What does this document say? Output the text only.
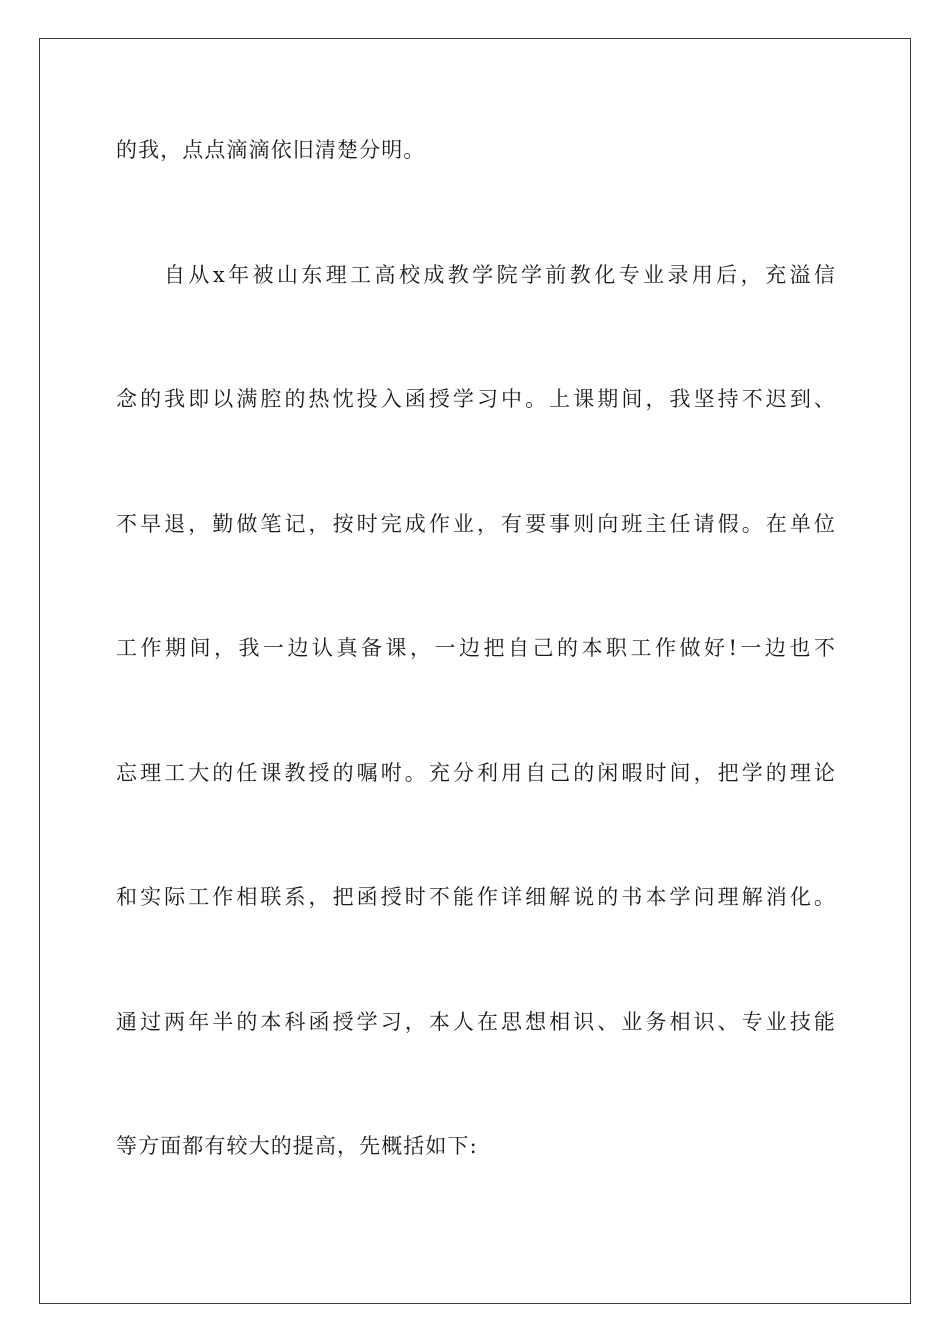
的我，点点滴滴依旧清楚分明。
自从x年被山东理工高校成教学院学前教化专业录用后，充溢信
念的我即以满腔的热忱投入函授学习中。上课期间，我坚持不迟到、
不早退，勤做笔记，按时完成作业，有要事则向班主任请假。在单位
工作期间，我一边认真备课，一边把自己的本职工作做好!一边也不
忘理工大的任课教授的嘱咐。充分利用自己的闲暇时间，把学的理论
和实际工作相联系，把函授时不能作详细解说的书本学问理解消化。
通过两年半的本科函授学习，本人在思想相识、业务相识、专业技能
等方面都有较大的提高，先概括如下:
